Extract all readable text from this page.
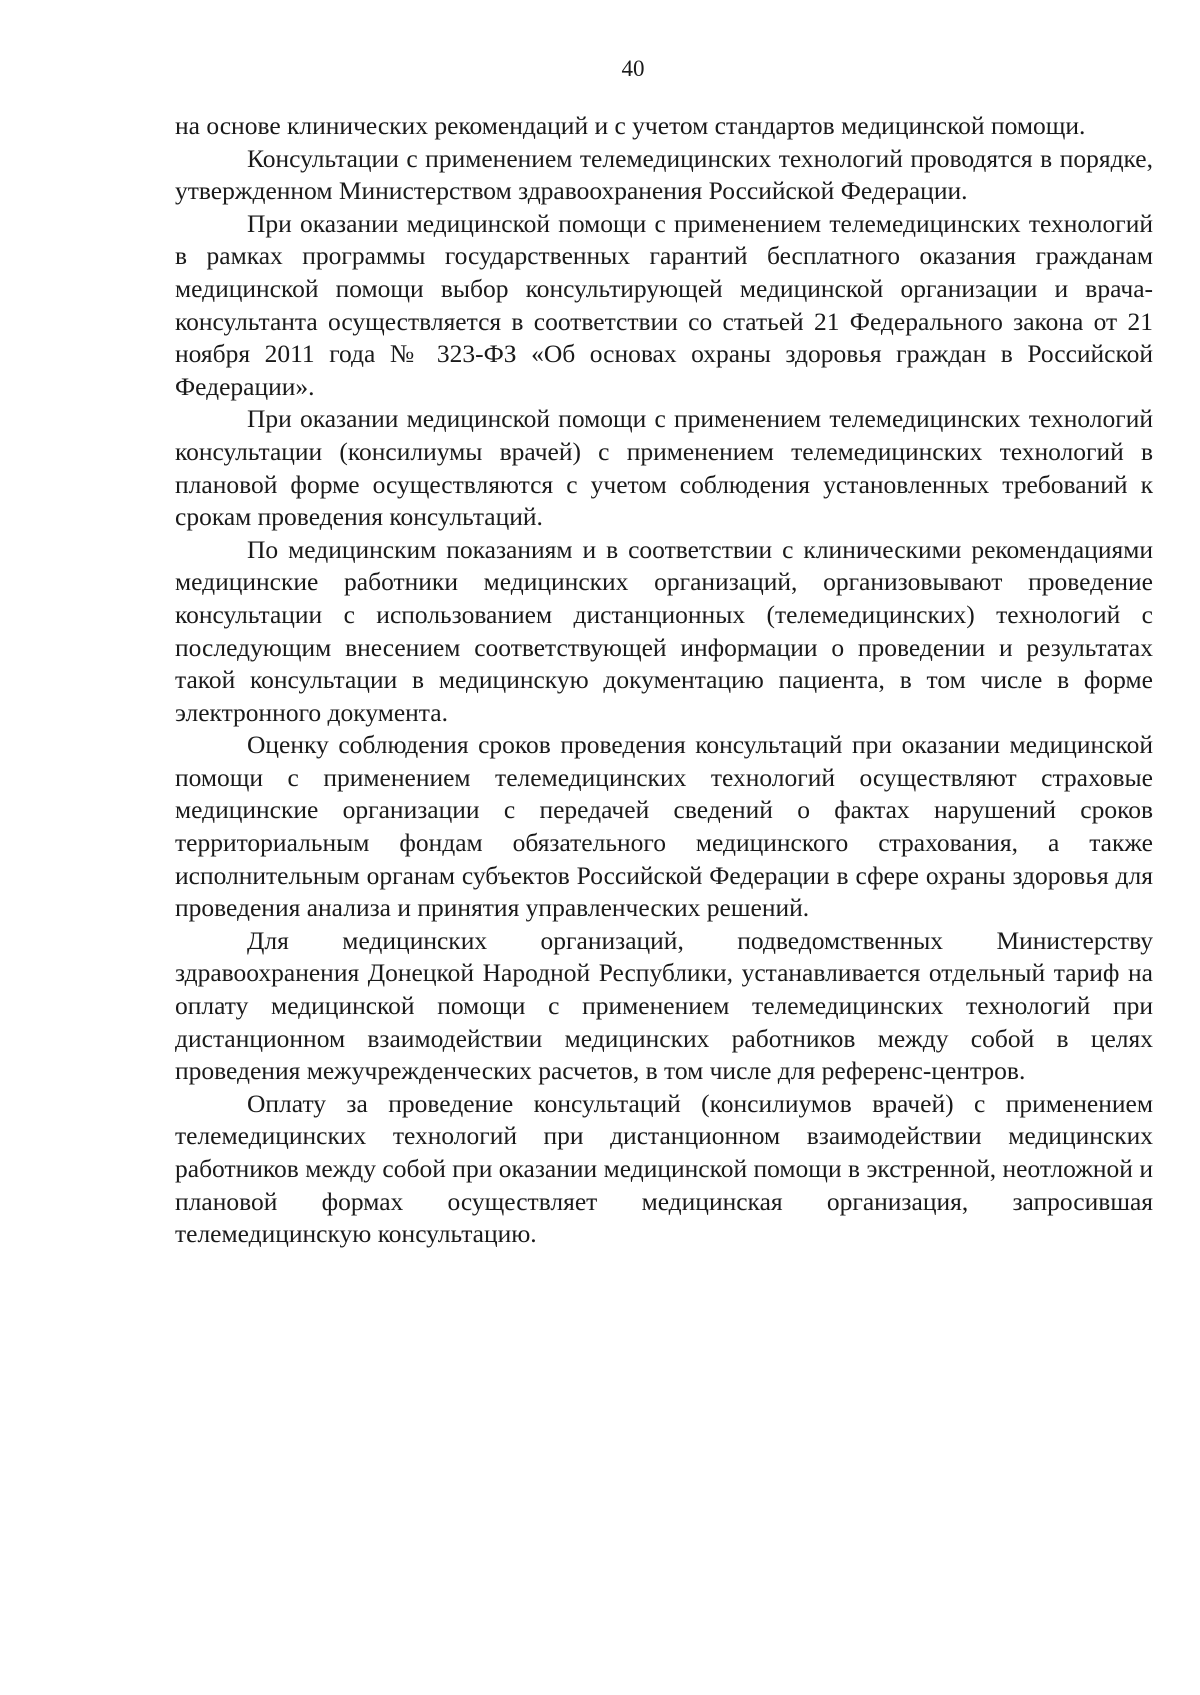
40

на основе клинических рекомендаций и с учетом стандартов медицинской помощи.

Консультации с применением телемедицинских технологий проводятся в порядке, утвержденном Министерством здравоохранения Российской Федерации.

При оказании медицинской помощи с применением телемедицинских технологий в рамках программы государственных гарантий бесплатного оказания гражданам медицинской помощи выбор консультирующей медицинской организации и врача-консультанта осуществляется в соответствии со статьей 21 Федерального закона от 21 ноября 2011 года № 323-ФЗ «Об основах охраны здоровья граждан в Российской Федерации».

При оказании медицинской помощи с применением телемедицинских технологий консультации (консилиумы врачей) с применением телемедицинских технологий в плановой форме осуществляются с учетом соблюдения установленных требований к срокам проведения консультаций.

По медицинским показаниям и в соответствии с клиническими рекомендациями медицинские работники медицинских организаций, организовывают проведение консультации с использованием дистанционных (телемедицинских) технологий с последующим внесением соответствующей информации о проведении и результатах такой консультации в медицинскую документацию пациента, в том числе в форме электронного документа.

Оценку соблюдения сроков проведения консультаций при оказании медицинской помощи с применением телемедицинских технологий осуществляют страховые медицинские организации с передачей сведений о фактах нарушений сроков территориальным фондам обязательного медицинского страхования, а также исполнительным органам субъектов Российской Федерации в сфере охраны здоровья для проведения анализа и принятия управленческих решений.

Для медицинских организаций, подведомственных Министерству здравоохранения Донецкой Народной Республики, устанавливается отдельный тариф на оплату медицинской помощи с применением телемедицинских технологий при дистанционном взаимодействии медицинских работников между собой в целях проведения межучрежденческих расчетов, в том числе для референс-центров.

Оплату за проведение консультаций (консилиумов врачей) с применением телемедицинских технологий при дистанционном взаимодействии медицинских работников между собой при оказании медицинской помощи в экстренной, неотложной и плановой формах осуществляет медицинская организация, запросившая телемедицинскую консультацию.
